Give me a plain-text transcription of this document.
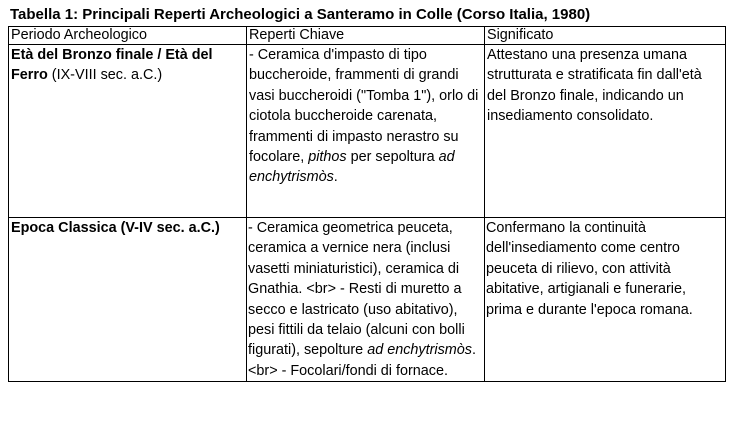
Tabella 1: Principali Reperti Archeologici a Santeramo in Colle (Corso Italia, 1980)
Periodo Archeologico	Reperti Chiave	Significato
Età del Bronzo finale / Età del Ferro (IX-VIII sec. a.C.)	- Ceramica d'impasto di tipo buccheroide, frammenti di grandi vasi buccheroidi ("Tomba 1"), orlo di ciotola buccheroide carenata, frammenti di impasto nerastro su focolare, pithos per sepoltura ad enchytrismòs.	Attestano una presenza umana strutturata e stratificata fin dall'età del Bronzo finale, indicando un insediamento consolidato.
Epoca Classica (V-IV sec. a.C.)	- Ceramica geometrica peuceta, ceramica a vernice nera (inclusi vasetti miniaturistici), ceramica di Gnathia. <br> - Resti di muretto a secco e lastricato (uso abitativo), pesi fittili da telaio (alcuni con bolli figurati), sepolture ad enchytrismòs. <br> - Focolari/fondi di fornace.	Confermano la continuità dell'insediamento come centro peuceta di rilievo, con attività abitative, artigianali e funerarie, prima e durante l'epoca romana.
